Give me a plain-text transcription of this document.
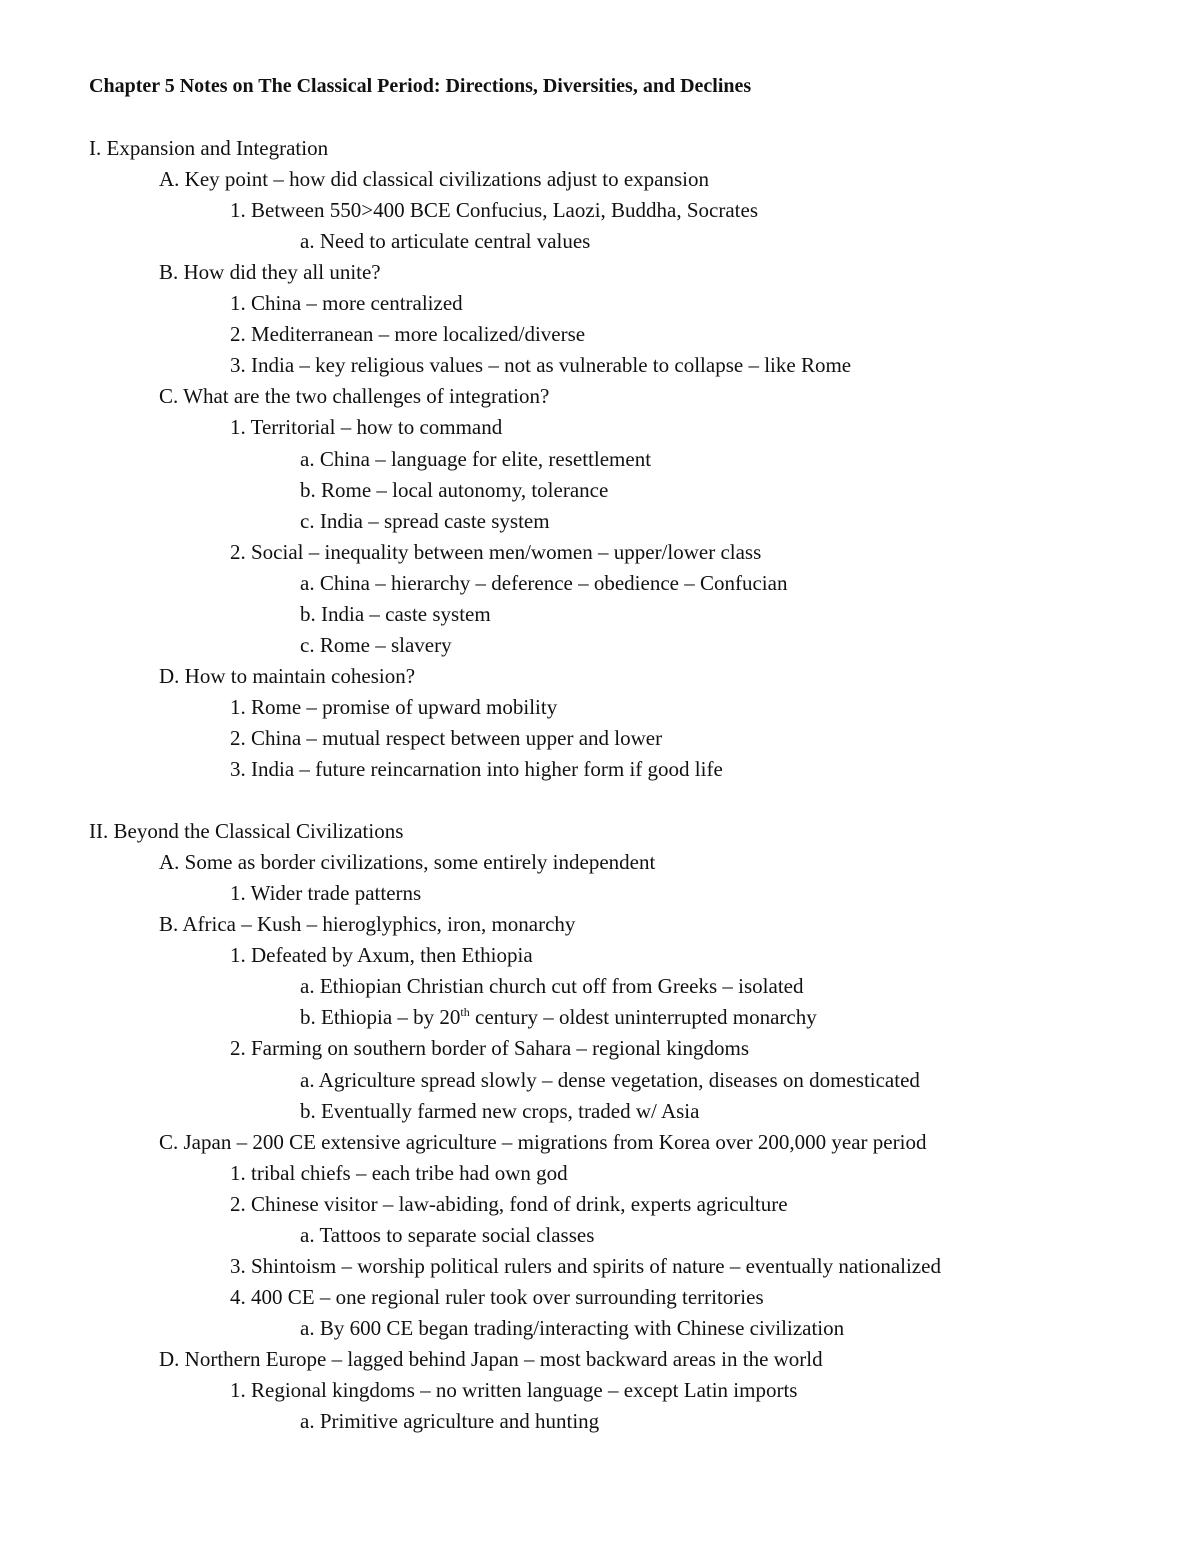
Chapter 5 Notes on The Classical Period: Directions, Diversities, and Declines
I. Expansion and Integration
A. Key point – how did classical civilizations adjust to expansion
1. Between 550>400 BCE Confucius, Laozi, Buddha, Socrates
a. Need to articulate central values
B. How did they all unite?
1. China – more centralized
2. Mediterranean – more localized/diverse
3. India – key religious values – not as vulnerable to collapse – like Rome
C. What are the two challenges of integration?
1. Territorial – how to command
a. China – language for elite, resettlement
b. Rome – local autonomy, tolerance
c. India – spread caste system
2. Social – inequality between men/women – upper/lower class
a. China – hierarchy – deference – obedience – Confucian
b. India – caste system
c. Rome – slavery
D. How to maintain cohesion?
1. Rome – promise of upward mobility
2. China – mutual respect between upper and lower
3. India – future reincarnation into higher form if good life
II. Beyond the Classical Civilizations
A. Some as border civilizations, some entirely independent
1. Wider trade patterns
B. Africa – Kush – hieroglyphics, iron, monarchy
1. Defeated by Axum, then Ethiopia
a. Ethiopian Christian church cut off from Greeks – isolated
b. Ethiopia – by 20th century – oldest uninterrupted monarchy
2. Farming on southern border of Sahara – regional kingdoms
a. Agriculture spread slowly – dense vegetation, diseases on domesticated
b. Eventually farmed new crops, traded w/ Asia
C. Japan – 200 CE extensive agriculture – migrations from Korea over 200,000 year period
1. tribal chiefs – each tribe had own god
2. Chinese visitor – law-abiding, fond of drink, experts agriculture
a. Tattoos to separate social classes
3. Shintoism – worship political rulers and spirits of nature – eventually nationalized
4. 400 CE – one regional ruler took over surrounding territories
a. By 600 CE began trading/interacting with Chinese civilization
D. Northern Europe – lagged behind Japan – most backward areas in the world
1. Regional kingdoms – no written language – except Latin imports
a. Primitive agriculture and hunting
